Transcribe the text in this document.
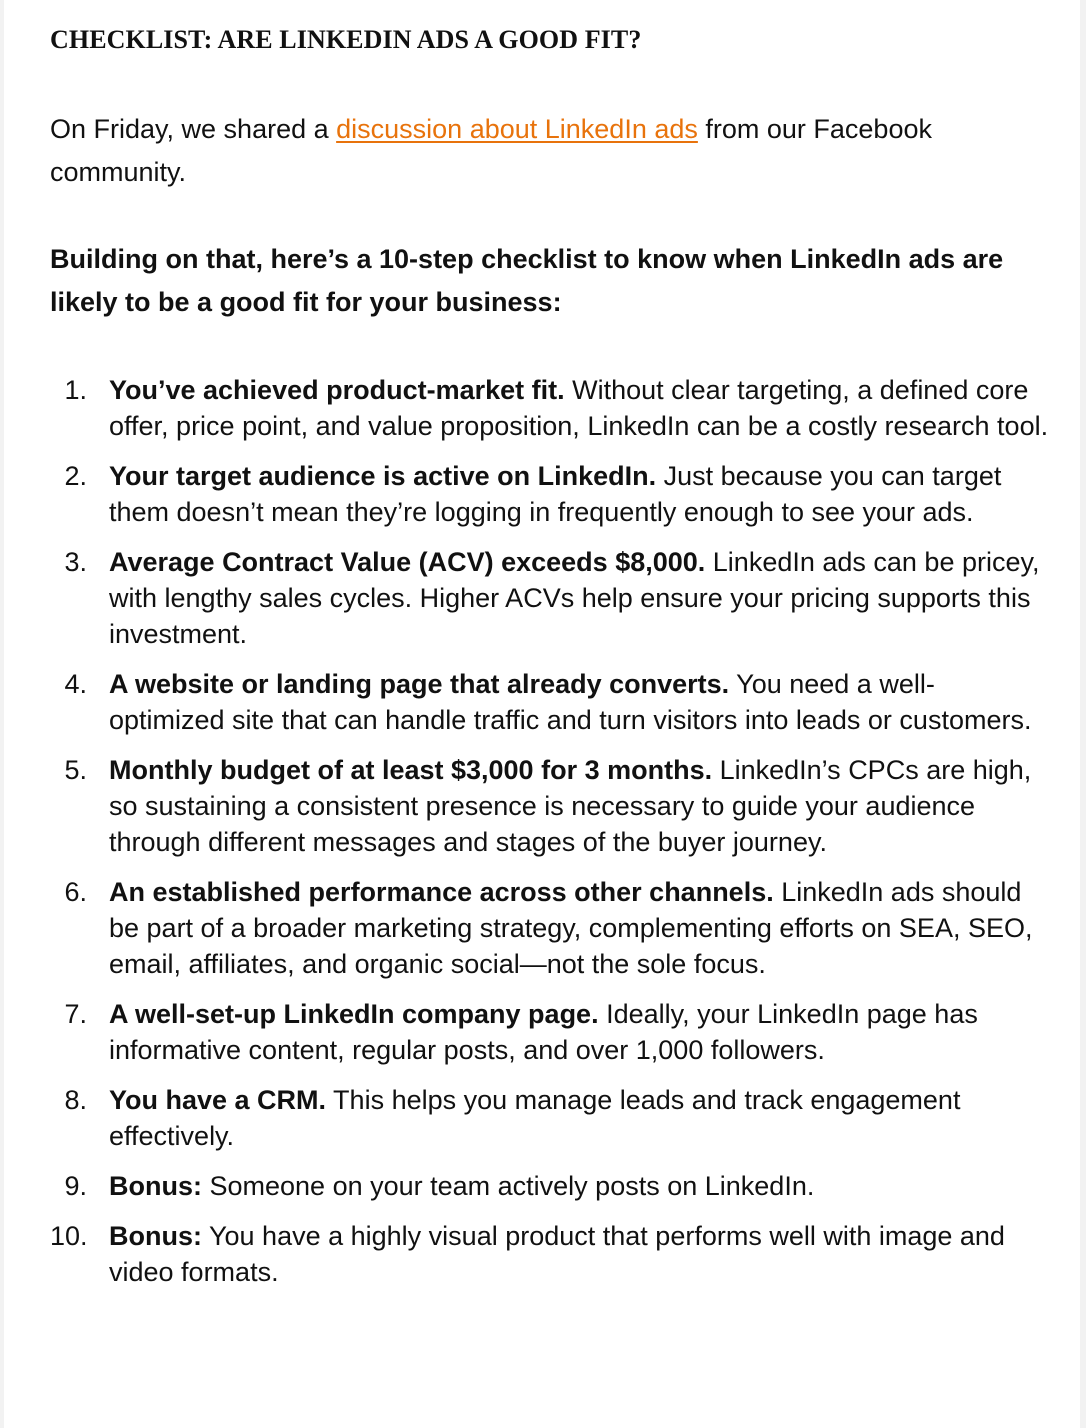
CHECKLIST: ARE LINKEDIN ADS A GOOD FIT?

On Friday, we shared a discussion about LinkedIn ads from our Facebook community.

Building on that, here’s a 10-step checklist to know when LinkedIn ads are likely to be a good fit for your business:

1. You’ve achieved product-market fit. Without clear targeting, a defined core offer, price point, and value proposition, LinkedIn can be a costly research tool.
2. Your target audience is active on LinkedIn. Just because you can target them doesn’t mean they’re logging in frequently enough to see your ads.
3. Average Contract Value (ACV) exceeds $8,000. LinkedIn ads can be pricey, with lengthy sales cycles. Higher ACVs help ensure your pricing supports this investment.
4. A website or landing page that already converts. You need a well-optimized site that can handle traffic and turn visitors into leads or customers.
5. Monthly budget of at least $3,000 for 3 months. LinkedIn’s CPCs are high, so sustaining a consistent presence is necessary to guide your audience through different messages and stages of the buyer journey.
6. An established performance across other channels. LinkedIn ads should be part of a broader marketing strategy, complementing efforts on SEA, SEO, email, affiliates, and organic social—not the sole focus.
7. A well-set-up LinkedIn company page. Ideally, your LinkedIn page has informative content, regular posts, and over 1,000 followers.
8. You have a CRM. This helps you manage leads and track engagement effectively.
9. Bonus: Someone on your team actively posts on LinkedIn.
10. Bonus: You have a highly visual product that performs well with image and video formats.
